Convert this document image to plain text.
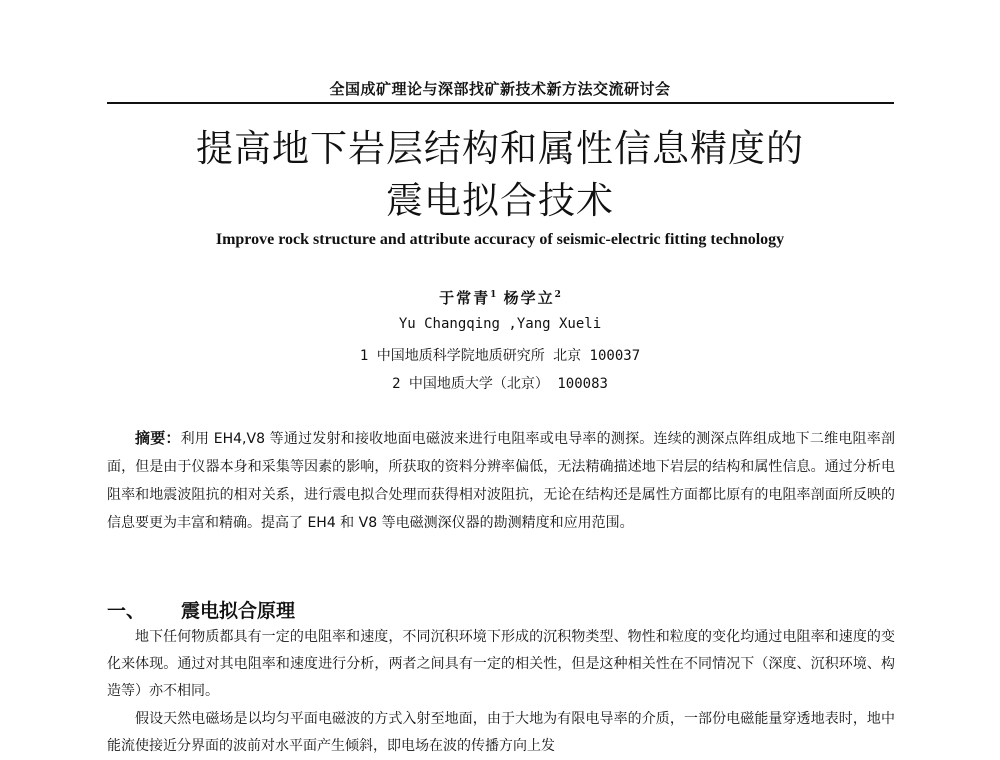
全国成矿理论与深部找矿新技术新方法交流研讨会
提高地下岩层结构和属性信息精度的
震电拟合技术
Improve rock structure and attribute accuracy of seismic-electric fitting technology
于常青$^1$ 杨学立$^2$
Yu Changqing ,Yang Xueli
1 中国地质科学院地质研究所 北京 100037
2 中国地质大学（北京） 100083
摘要：利用 EH4,V8 等通过发射和接收地面电磁波来进行电阻率或电导率的测探。连续的测深点阵组成地下二维电阻率剖面，但是由于仪器本身和采集等因素的影响，所获取的资料分辨率偏低，无法精确描述地下岩层的结构和属性信息。通过分析电阻率和地震波阻抗的相对关系，进行震电拟合处理而获得相对波阻抗，无论在结构还是属性方面都比原有的电阻率剖面所反映的信息要更为丰富和精确。提高了 EH4 和 V8 等电磁测深仪器的勘测精度和应用范围。
一、 震电拟合原理
地下任何物质都具有一定的电阻率和速度，不同沉积环境下形成的沉积物类型、物性和粒度的变化均通过电阻率和速度的变化来体现。通过对其电阻率和速度进行分析，两者之间具有一定的相关性，但是这种相关性在不同情况下（深度、沉积环境、构造等）亦不相同。
假设天然电磁场是以均匀平面电磁波的方式入射至地面，由于大地为有限电导率的介质，一部份电磁能量穿透地表时，地中能流使接近分界面的波前对水平面产生倾斜，即电场在波的传播方向上发
